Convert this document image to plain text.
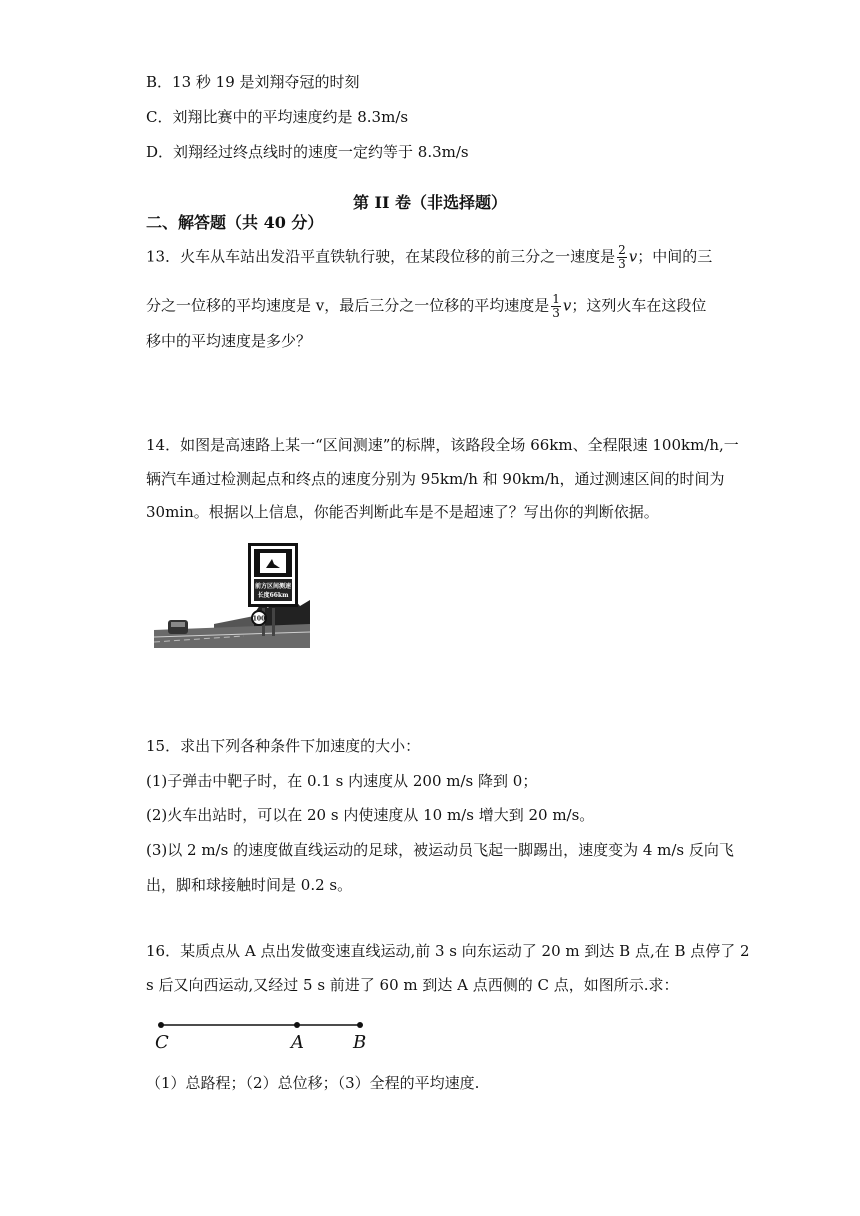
B．13 秒 19 是刘翔夺冠的时刻
C．刘翔比赛中的平均速度约是 8.3m/s
D．刘翔经过终点线时的速度一定约等于 8.3m/s
第 II 卷（非选择题）
二、解答题（共 40 分）
13．火车从车站出发沿平直铁轨行驶，在某段位移的前三分之一速度是 $\frac{2}{3}$ v；中间的三
分之一位移的平均速度是 v，最后三分之一位移的平均速度是 $\frac{1}{3}$ v；这列火车在这段位
移中的平均速度是多少？
14．如图是高速路上某一“区间测速”的标牌，该路段全场 66km、全程限速 100km/h,一
辆汽车通过检测起点和终点的速度分别为 95km/h 和 90km/h，通过测速区间的时间为
30min。根据以上信息，你能否判断此车是不是超速了？写出你的判断依据。
前方区间测速
长度66km
100
15．求出下列各种条件下加速度的大小：
(1)子弹击中靶子时，在 0.1 s 内速度从 200 m/s 降到 0；
(2)火车出站时，可以在 20 s 内使速度从 10 m/s 增大到 20 m/s。
(3)以 2 m/s 的速度做直线运动的足球，被运动员飞起一脚踢出，速度变为 4 m/s 反向飞
出，脚和球接触时间是 0.2 s。
16．某质点从 A 点出发做变速直线运动,前 3 s 向东运动了 20 m 到达 B 点,在 B 点停了 2
s 后又向西运动,又经过 5 s 前进了 60 m 到达 A 点西侧的 C 点，如图所示.求：
C	A	B
（1）总路程；（2）总位移；（3）全程的平均速度.
